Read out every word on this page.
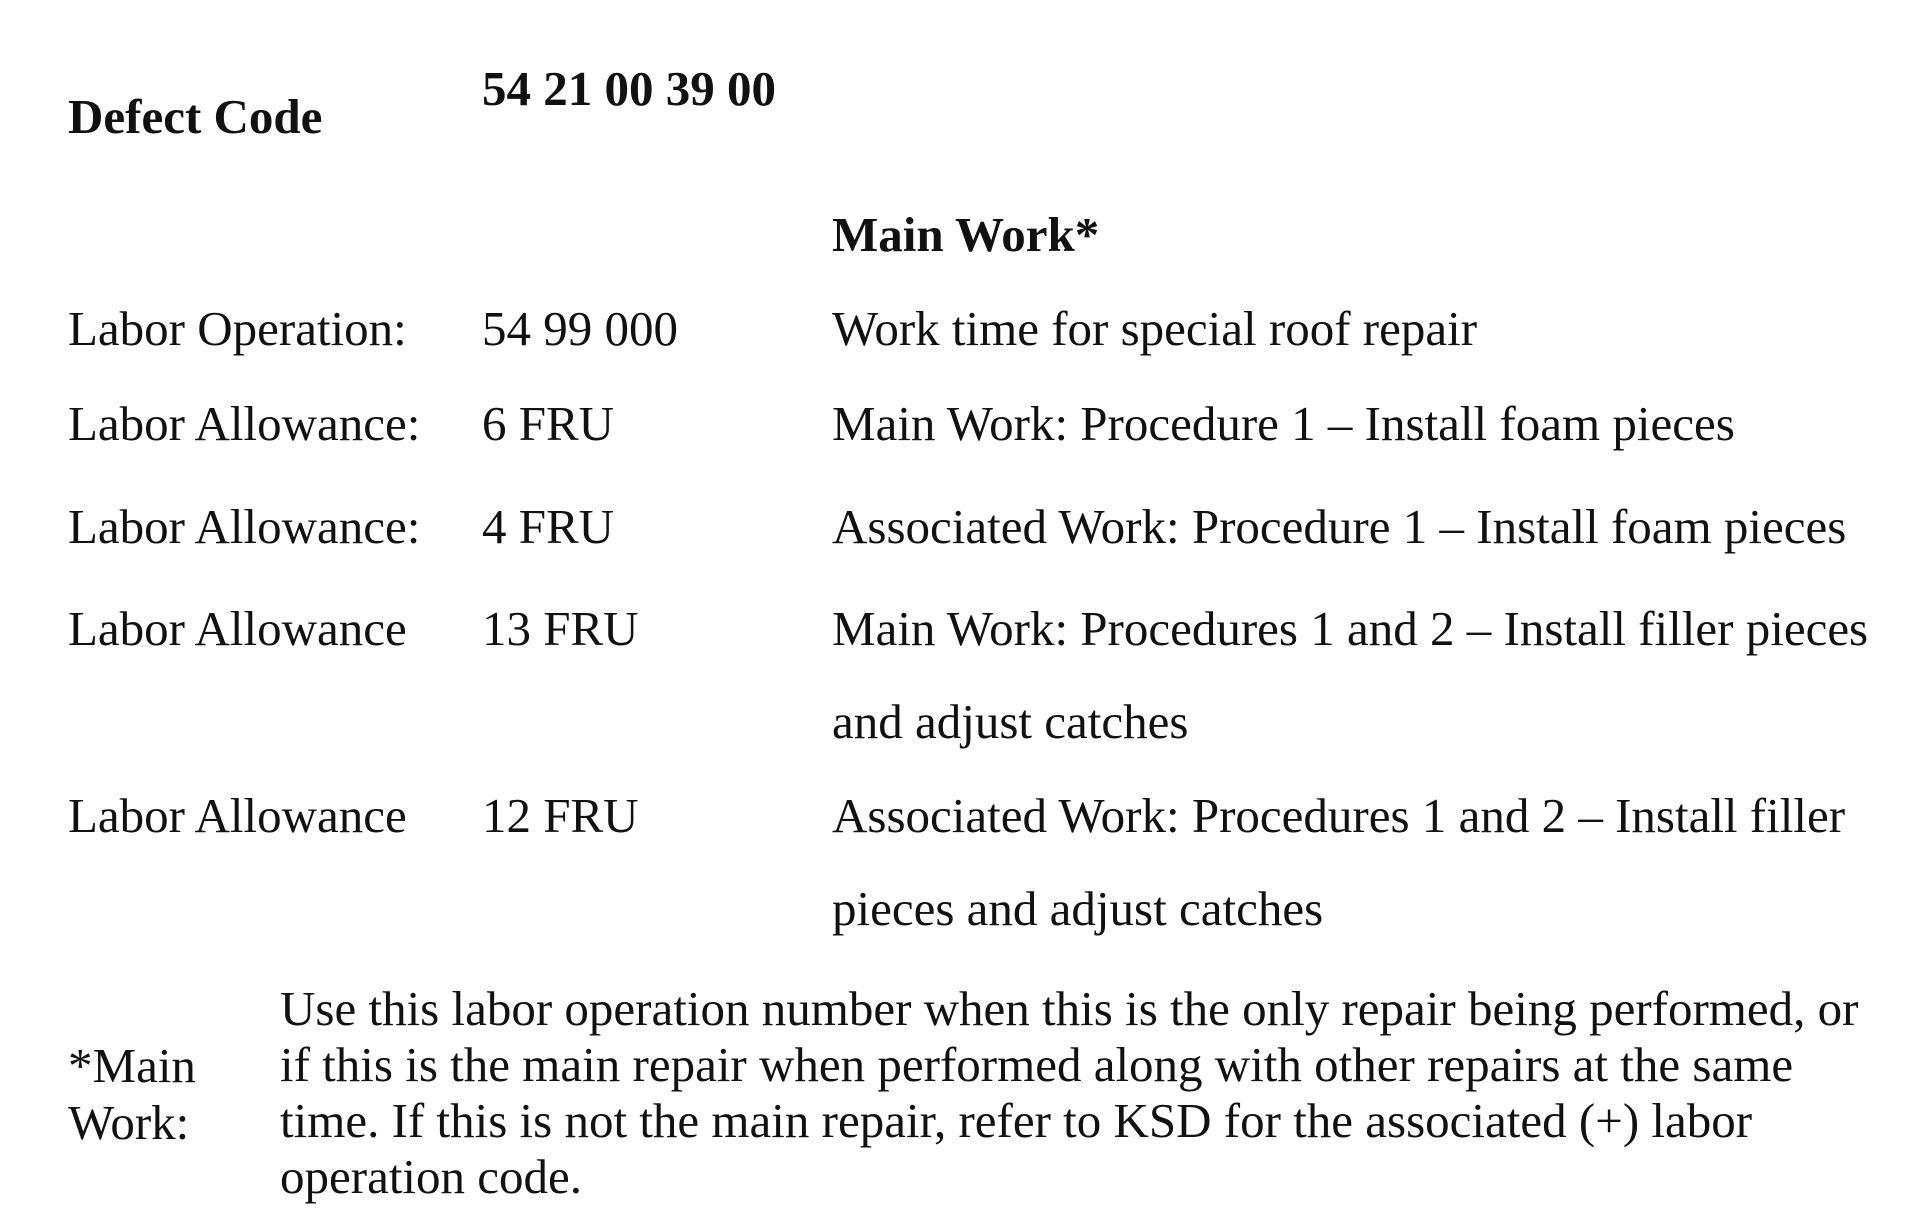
Defect Code
54 21 00 39 00
Main Work*
Labor Operation: 54 99 000	Work time for special roof repair
Labor Allowance: 6 FRU	Main Work: Procedure 1 – Install foam pieces
Labor Allowance: 4 FRU	Associated Work: Procedure 1 – Install foam pieces
Labor Allowance 13 FRU	Main Work: Procedures 1 and 2 – Install filler pieces
and adjust catches
Labor Allowance 12 FRU	Associated Work: Procedures 1 and 2 – Install filler
pieces and adjust catches
*Main
Work:
Use this labor operation number when this is the only repair being performed, or
if this is the main repair when performed along with other repairs at the same
time. If this is not the main repair, refer to KSD for the associated (+) labor
operation code.
